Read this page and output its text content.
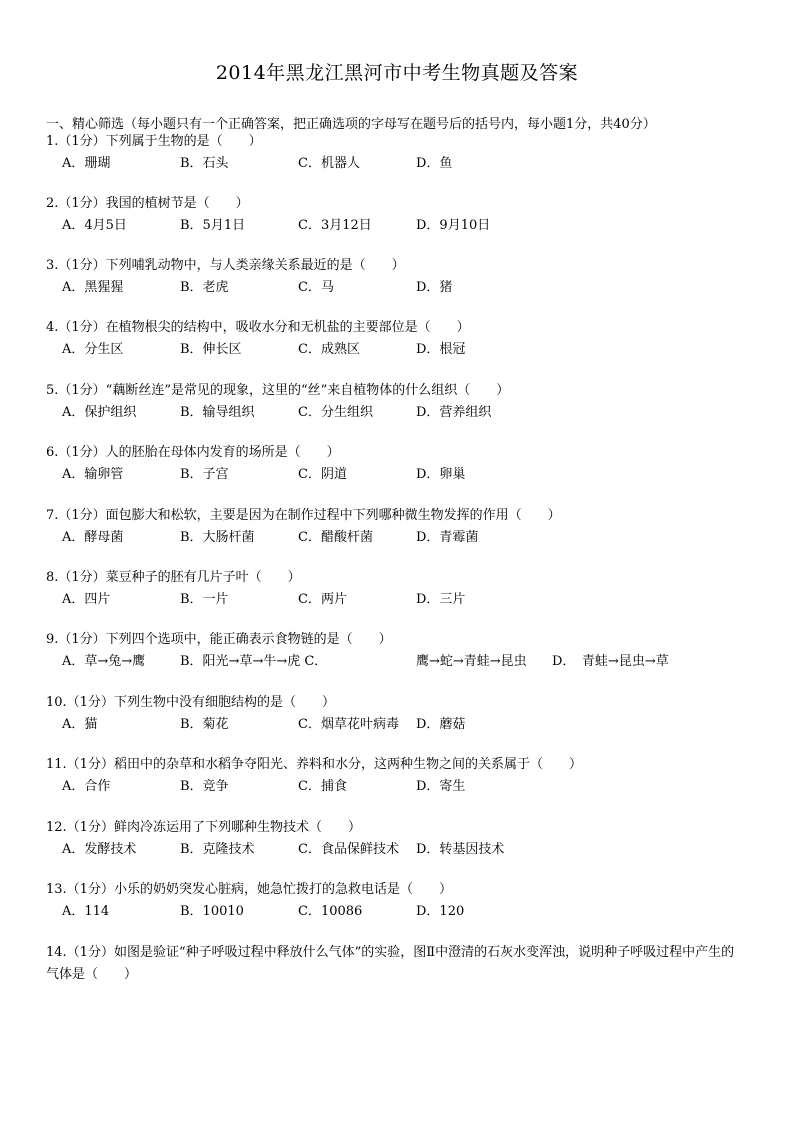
2014年黑龙江黑河市中考生物真题及答案
一、精心筛选（每小题只有一个正确答案，把正确选项的字母写在题号后的括号内，每小题1分，共40分）
1.（1分）下列属于生物的是（　　）
A．珊瑚	B．石头	C．机器人	D．鱼
2.（1分）我国的植树节是（　　）
A．4月5日	B．5月1日	C．3月12日	D．9月10日
3.（1分）下列哺乳动物中，与人类亲缘关系最近的是（　　）
A．黑猩猩	B．老虎	C．马	D．猪
4.（1分）在植物根尖的结构中，吸收水分和无机盐的主要部位是（　　）
A．分生区	B．伸长区	C．成熟区	D．根冠
5.（1分）“藕断丝连”是常见的现象，这里的“丝”来自植物体的什么组织（　　）
A．保护组织	B．输导组织	C．分生组织	D．营养组织
6.（1分）人的胚胎在母体内发育的场所是（　　）
A．输卵管	B．子宫	C．阴道	D．卵巢
7.（1分）面包膨大和松软，主要是因为在制作过程中下列哪种微生物发挥的作用（　　）
A．酵母菌	B．大肠杆菌	C．醋酸杆菌	D．青霉菌
8.（1分）菜豆种子的胚有几片子叶（　　）
A．四片	B．一片	C．两片	D．三片
9.（1分）下列四个选项中，能正确表示食物链的是（　　）
A．草→兔→鹰	B．阳光→草→牛→虎 C．	鹰→蛇→青蛙→昆虫 D．　青蛙→昆虫→草
10.（1分）下列生物中没有细胞结构的是（　　）
A．猫	B．菊花	C．烟草花叶病毒 D．蘑菇
11.（1分）稻田中的杂草和水稻争夺阳光、养料和水分，这两种生物之间的关系属于（　　）
A．合作	B．竞争	C．捕食	D．寄生
12.（1分）鲜肉冷冻运用了下列哪种生物技术（　　）
A．发酵技术	B．克隆技术	C．食品保鲜技术 D．转基因技术
13.（1分）小乐的奶奶突发心脏病，她急忙拨打的急救电话是（　　）
A．114	B．10010	C．10086	D．120
14.（1分）如图是验证“种子呼吸过程中释放什么气体”的实验，图Ⅱ中澄清的石灰水变浑浊，说明种子呼吸过程中产生的气体是（　　）
